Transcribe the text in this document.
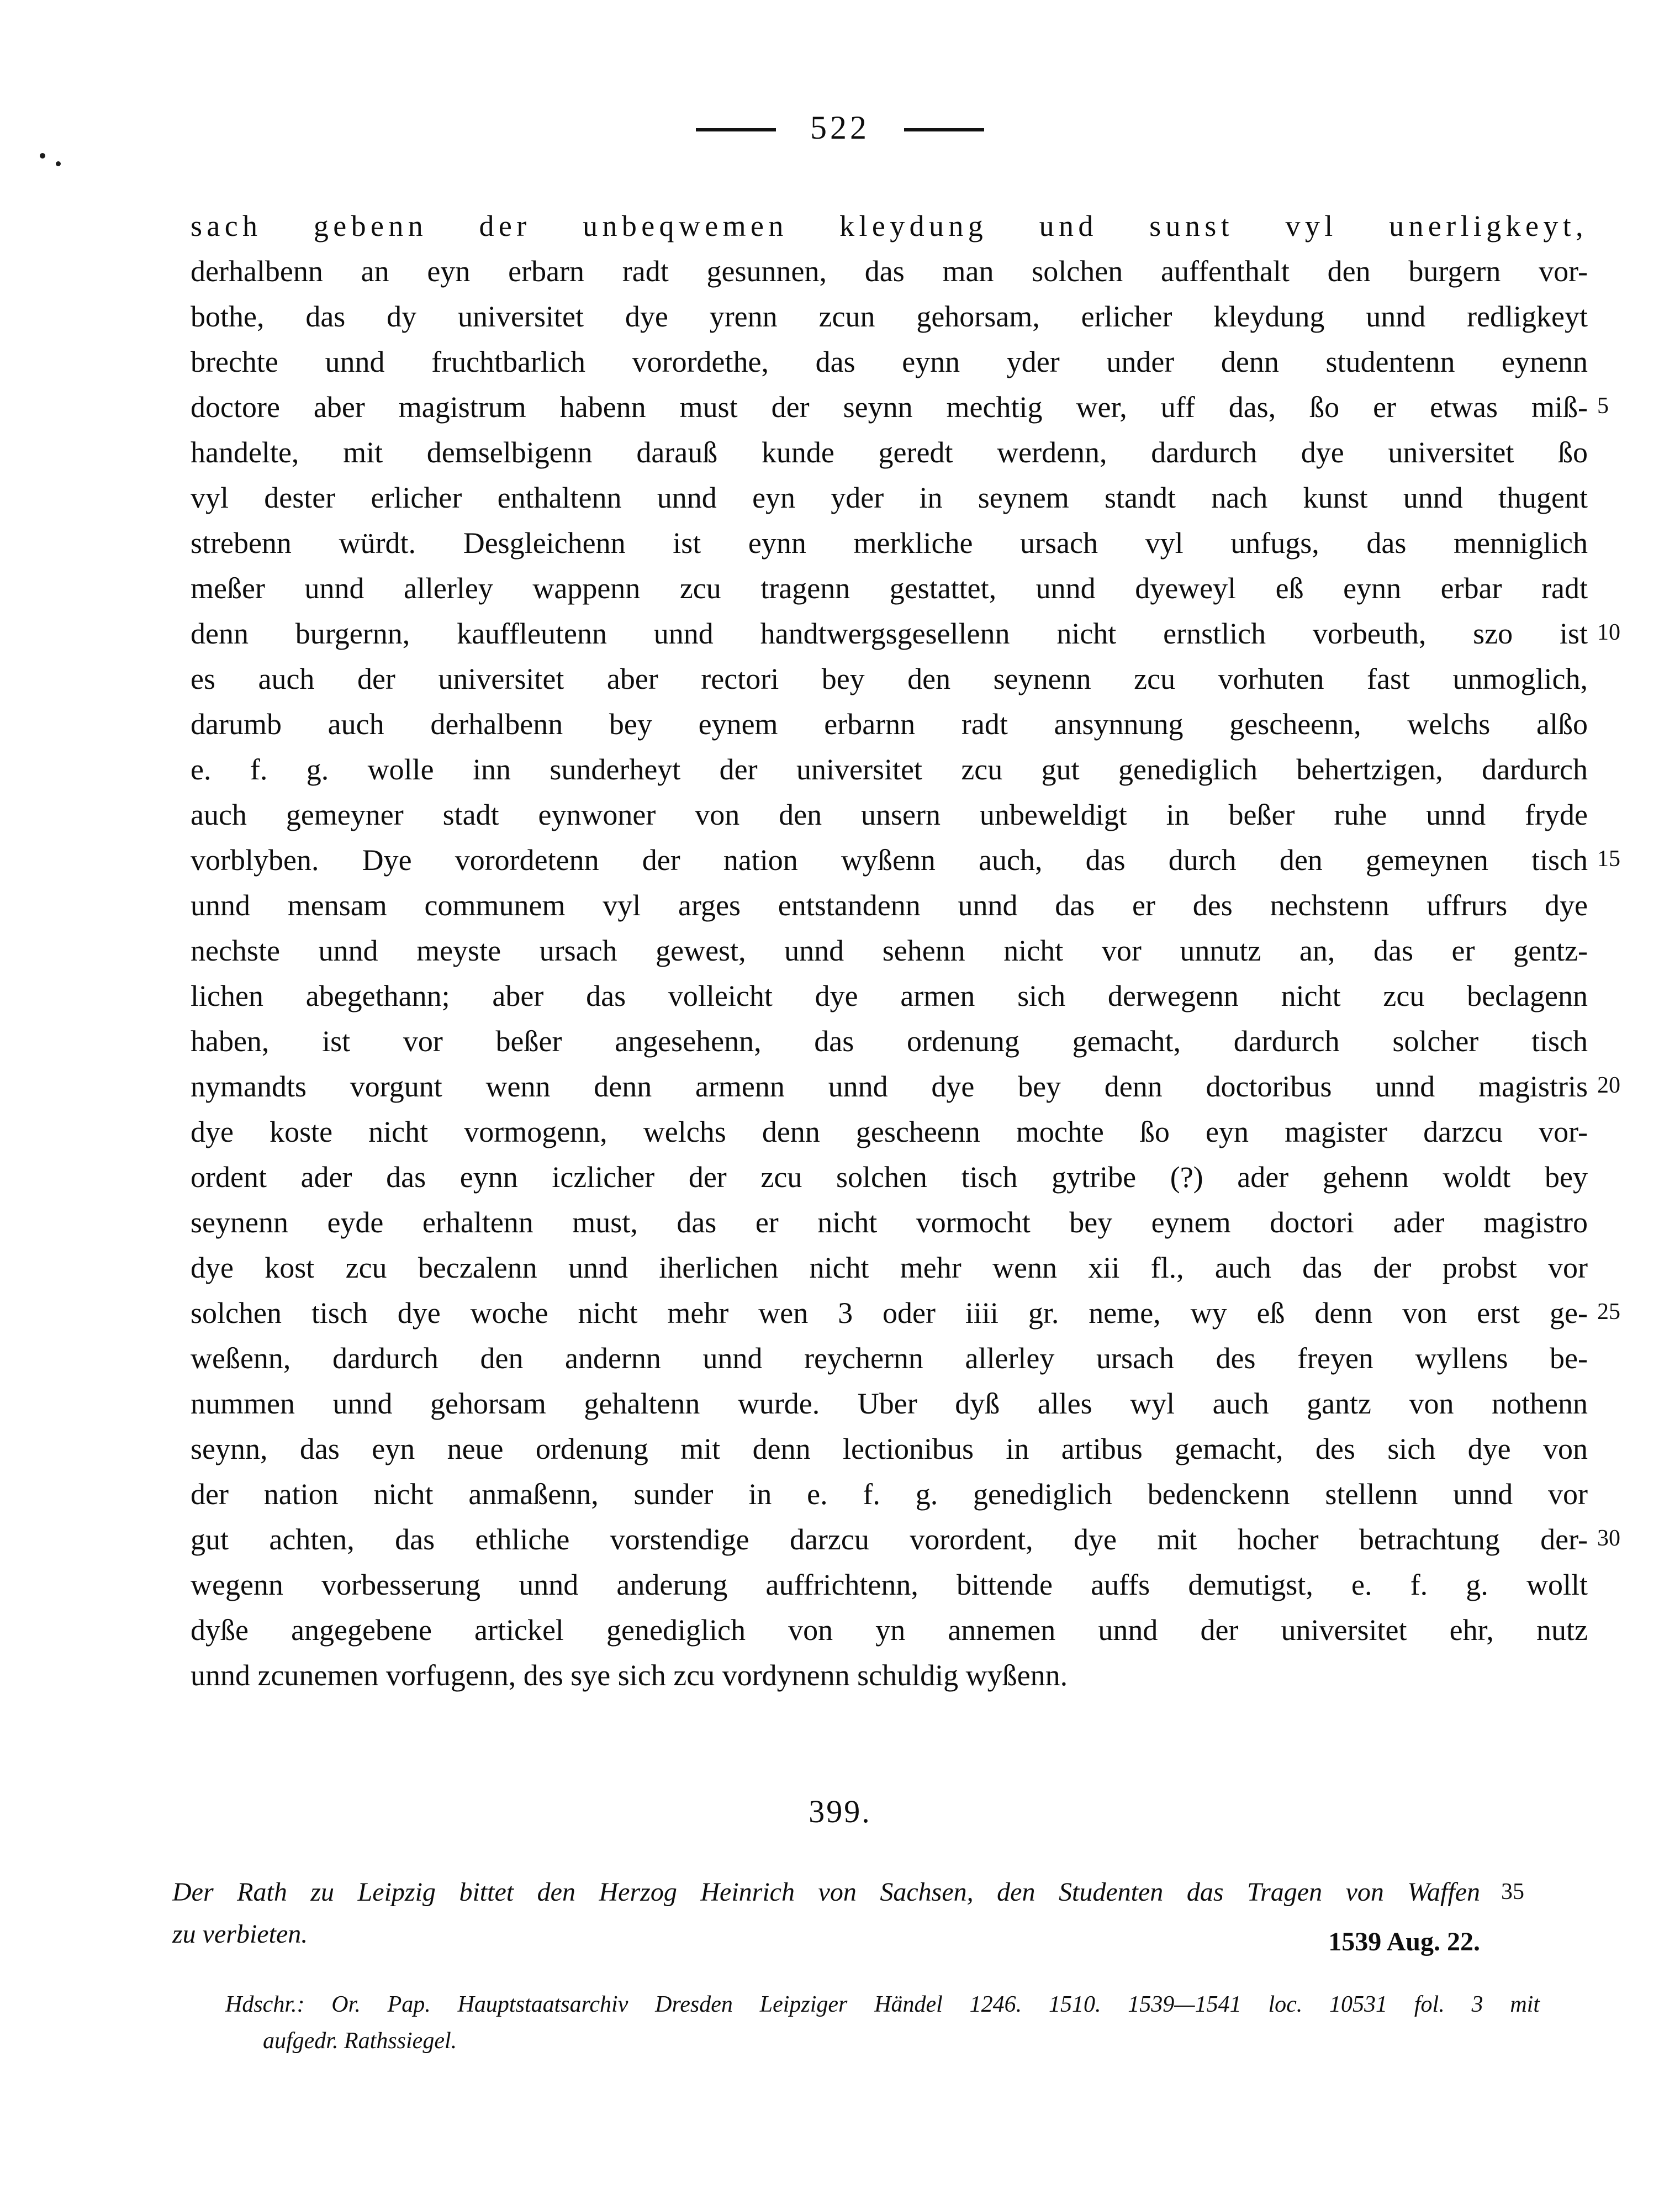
522
sach gebenn der unbeqwemen kleydung und sunst vyl unerligkeyt,
derhalbenn an eyn erbarn radt gesunnen, das man solchen auffenthalt den burgern vor-
bothe, das dy universitet dye yrenn zcun gehorsam, erlicher kleydung unnd redligkeyt
brechte unnd fruchtbarlich vorordethe, das eynn yder under denn studentenn eynenn
doctore aber magistrum habenn must der seynn mechtig wer, uff das, ßo er etwas miß-
handelte, mit demselbigenn darauß kunde geredt werdenn, dardurch dye universitet ßo
vyl dester erlicher enthaltenn unnd eyn yder in seynem standt nach kunst unnd thugent
strebenn würdt. Desgleichenn ist eynn merkliche ursach vyl unfugs, das menniglich
meßer unnd allerley wappenn zcu tragenn gestattet, unnd dyeweyl eß eynn erbar radt
denn burgernn, kauffleutenn unnd handtwergsgesellenn nicht ernstlich vorbeuth, szo ist
es auch der universitet aber rectori bey den seynenn zcu vorhuten fast unmoglich,
darumb auch derhalbenn bey eynem erbarnn radt ansynnung gescheenn, welchs alßo
e. f. g. wolle inn sunderheyt der universitet zcu gut genediglich behertzigen, dardurch
auch gemeyner stadt eynwoner von den unsern unbeweldigt in beßer ruhe unnd fryde
vorblyben. Dye vorordetenn der nation wyßenn auch, das durch den gemeynen tisch
unnd mensam communem vyl arges entstandenn unnd das er des nechstenn uffrurs dye
nechste unnd meyste ursach gewest, unnd sehenn nicht vor unnutz an, das er gentz-
lichen abegethann; aber das volleicht dye armen sich derwegenn nicht zcu beclagenn
haben, ist vor beßer angesehenn, das ordenung gemacht, dardurch solcher tisch
nymandts vorgunt wenn denn armenn unnd dye bey denn doctoribus unnd magistris
dye koste nicht vormogenn, welchs denn gescheenn mochte ßo eyn magister darzcu vor-
ordent ader das eynn iczlicher der zcu solchen tisch gytribe (?) ader gehenn woldt bey
seynenn eyde erhaltenn must, das er nicht vormocht bey eynem doctori ader magistro
dye kost zcu beczalenn unnd iherlichen nicht mehr wenn xii fl., auch das der probst vor
solchen tisch dye woche nicht mehr wen 3 oder iiii gr. neme, wy eß denn von erst ge-
weßenn, dardurch den andernn unnd reychernn allerley ursach des freyen wyllens be-
nummen unnd gehorsam gehaltenn wurde. Uber dyß alles wyl auch gantz von nothenn
seynn, das eyn neue ordenung mit denn lectionibus in artibus gemacht, des sich dye von
der nation nicht anmaßenn, sunder in e. f. g. genediglich bedenckenn stellenn unnd vor
gut achten, das ethliche vorstendige darzcu vorordent, dye mit hocher betrachtung der-
wegenn vorbesserung unnd anderung auffrichtenn, bittende auffs demutigst, e. f. g. wollt
dyße angegebene artickel genediglich von yn annemen unnd der universitet ehr, nutz
unnd zcunemen vorfugenn, des sye sich zcu vordynenn schuldig wyßenn.
5
10
15
20
25
30
399.
Der Rath zu Leipzig bittet den Herzog Heinrich von Sachsen, den Studenten das Tragen von Waffen
zu verbieten.
35
1539 Aug. 22.
Hdschr.: Or. Pap. Hauptstaatsarchiv Dresden Leipziger Händel 1246. 1510. 1539—1541 loc. 10531 fol. 3 mit
aufgedr. Rathssiegel.
